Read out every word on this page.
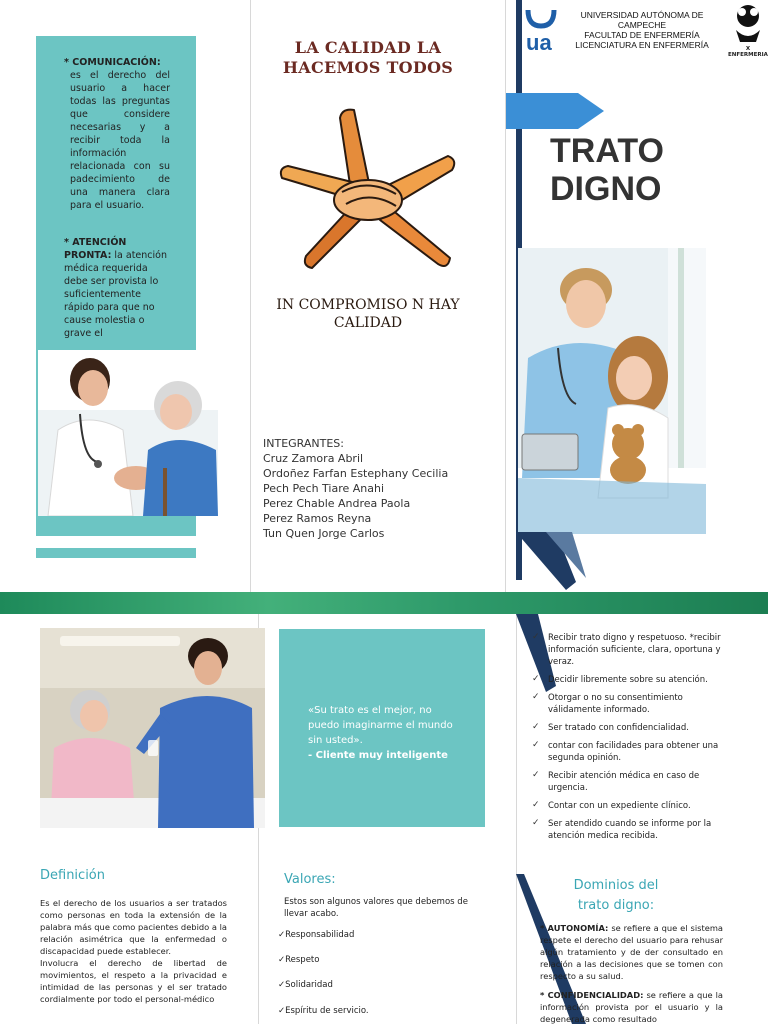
* COMUNICACIÓN:
es el derecho del usuario a hacer todas las preguntas que considere necesarias y a recibir toda la información relacionada con su padecimiento de una manera clara para el usuario.
* ATENCIÓN PRONTA: la atención médica requerida debe ser provista lo suficientemente rápido para que no cause molestia o grave el
LA CALIDAD LA HACEMOS TODOS
IN COMPROMISO N HAY CALIDAD
INTEGRANTES:
Cruz Zamora Abril
Ordoñez Farfan Estephany Cecilia
Pech Pech Tiare Anahi
Perez Chable Andrea Paola
Perez Ramos Reyna
Tun Quen Jorge Carlos
ua
UNIVERSIDAD AUTÓNOMA DE
CAMPECHE
FACULTAD DE ENFERMERÍA
LICENCIATURA EN ENFERMERÍA	X ENFERMERIA
TRATO
DIGNO
Definición
Es el derecho de los usuarios a ser tratados como personas en toda la extensión de la palabra más que como pacientes debido a la relación asimétrica que la enfermedad o discapacidad puede establecer.
Involucra el derecho de libertad de movimientos, el respeto a la privacidad e intimidad de las personas y el ser tratado cordialmente por todo el personal-médico
«Su trato es el mejor, no puedo imaginarme el mundo sin usted».
- Cliente muy inteligente
Valores:
Estos son algunos valores que debemos de llevar acabo.
✓Responsabilidad
✓Respeto
✓Solidaridad
✓Espíritu de servicio.
✓ Recibir trato digno y respetuoso. *recibir información suficiente, clara, oportuna y veraz.
✓ Decidir libremente sobre su atención.
✓ Otorgar o no su consentimiento válidamente informado.
✓ Ser tratado con confidencialidad.
✓ contar con facilidades para obtener una segunda opinión.
✓ Recibir atención médica en caso de urgencia.
✓ Contar con un expediente clínico.
✓ Ser atendido cuando se informe por la atención medica recibida.
Dominios del trato digno:
* AUTONOMÍA: se refiere a que el sistema respete el derecho del usuario para rehusar algún tratamiento y de der consultado en relación a las decisiones que se tomen con respecto a su salud.
* CONFIDENCIALIDAD: se refiere a que la información provista por el usuario y la degenerada como resultado
